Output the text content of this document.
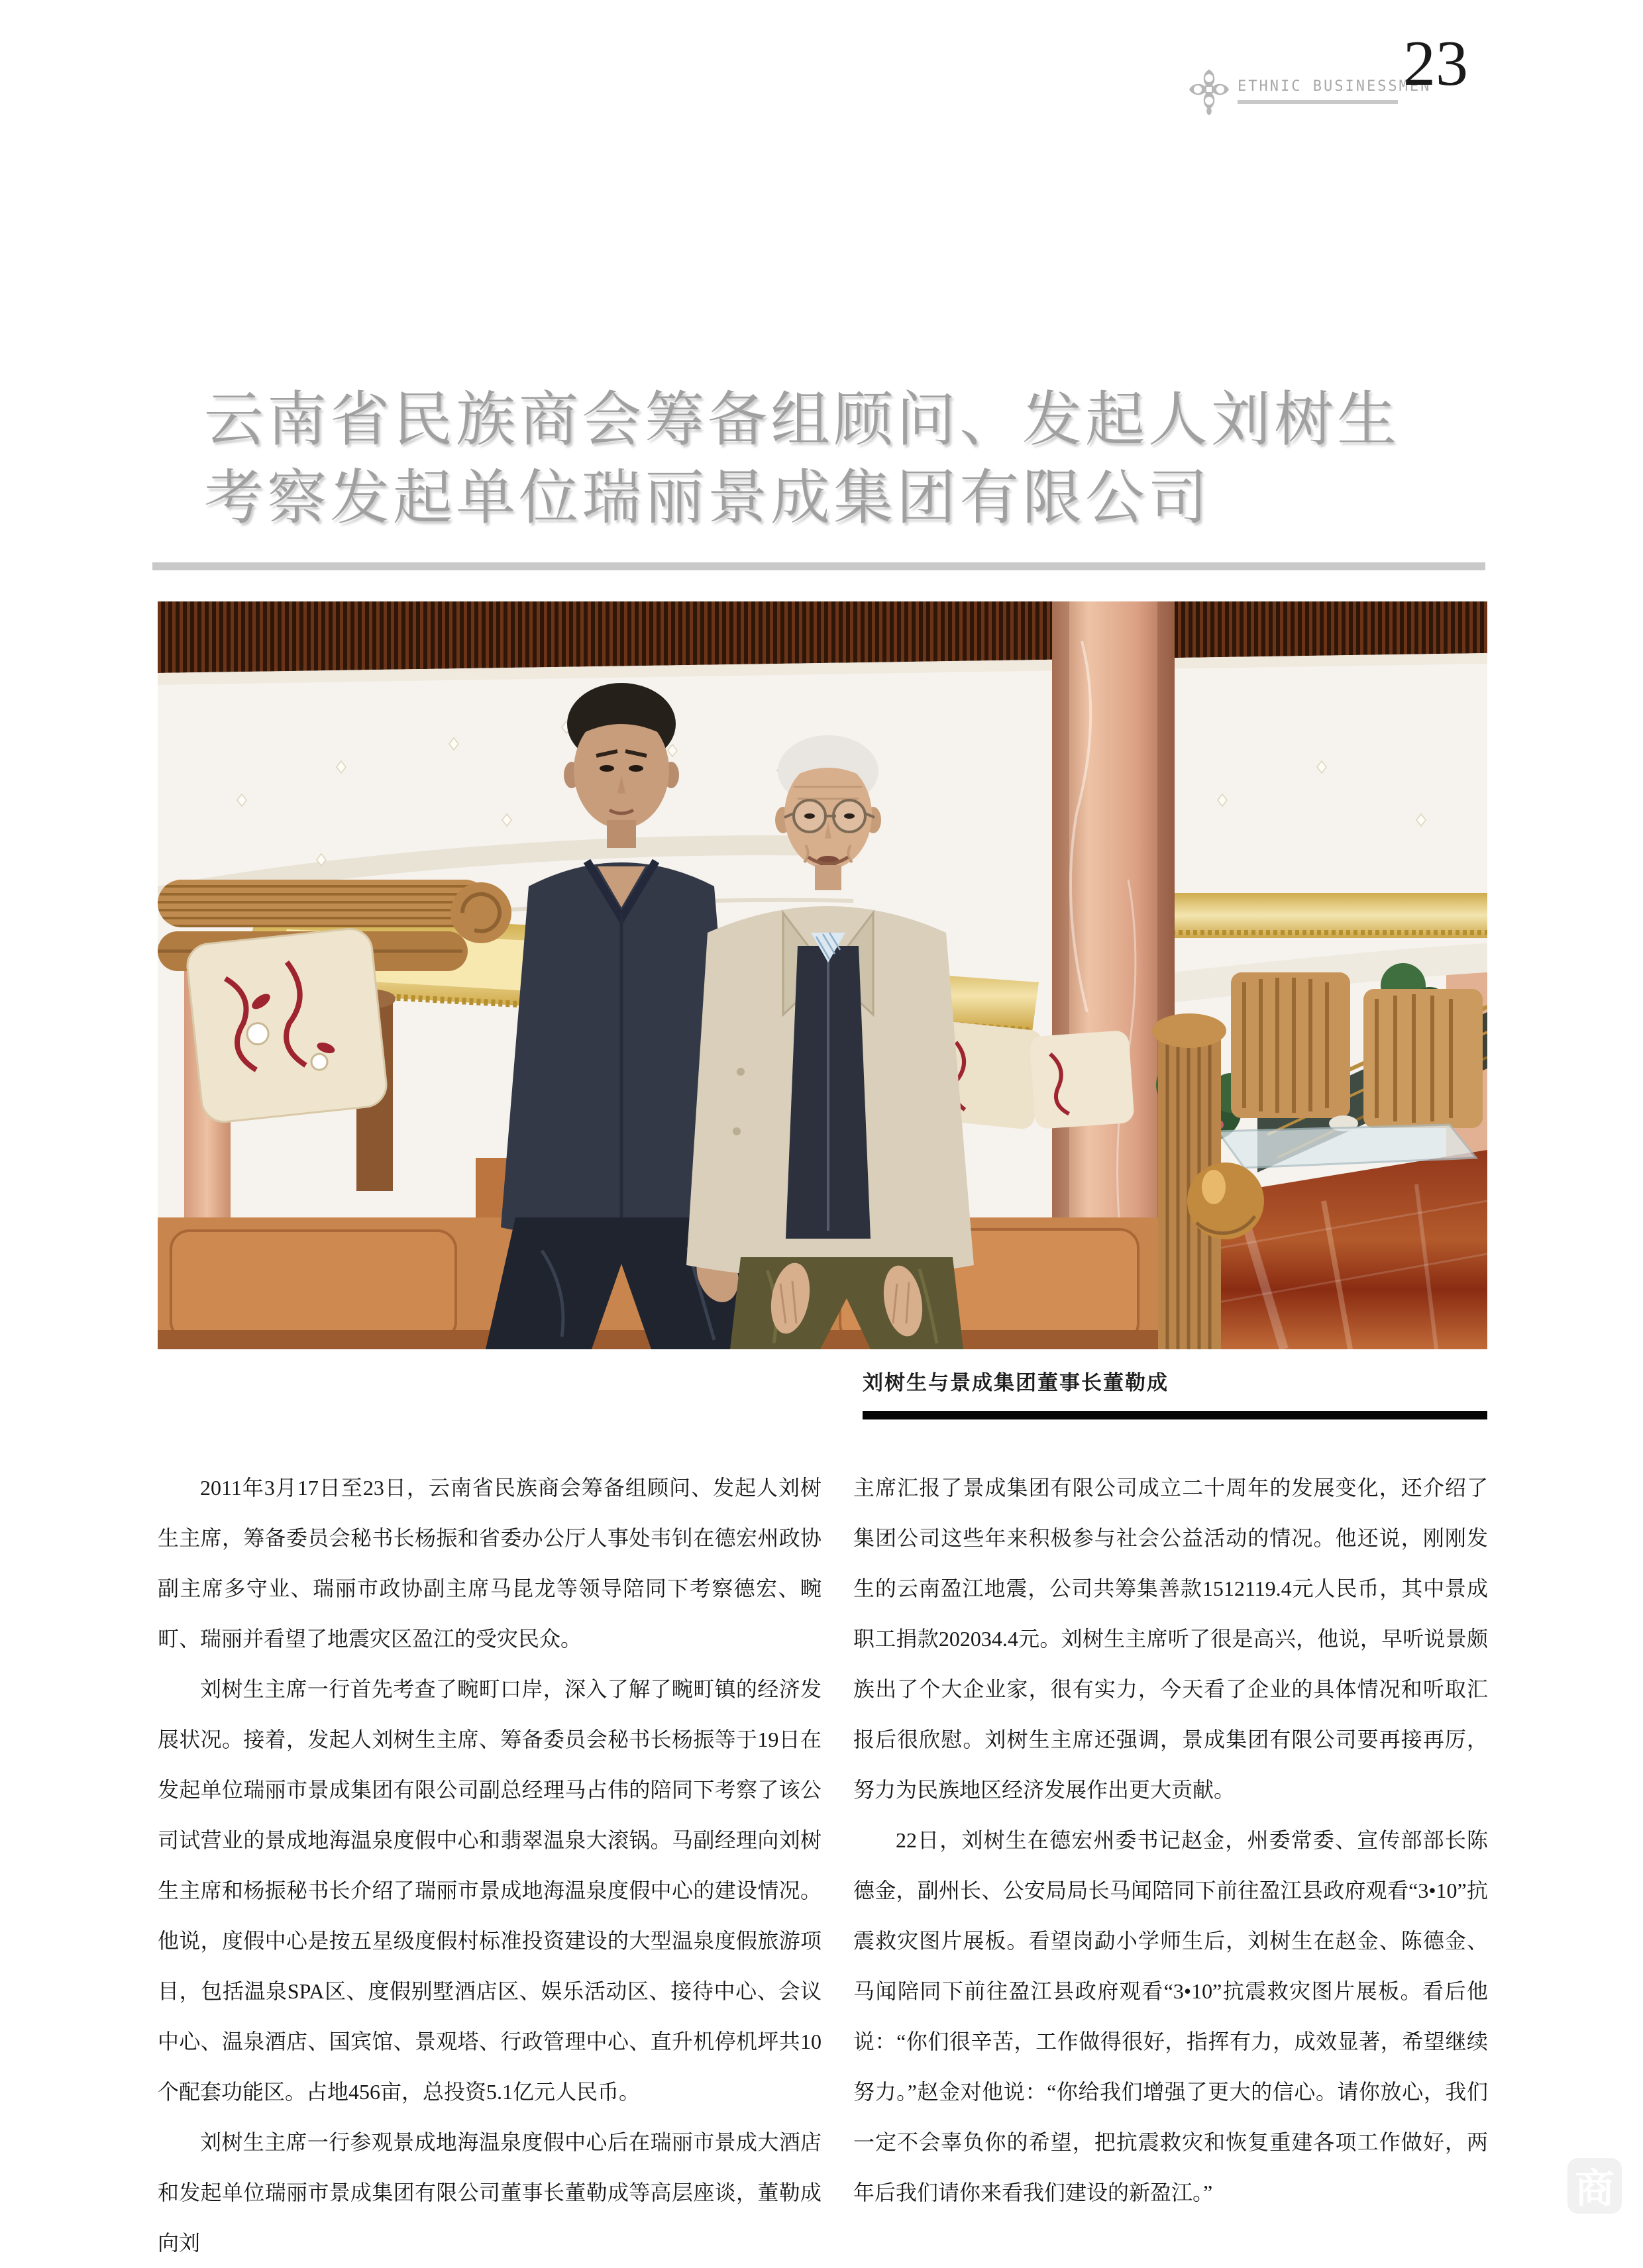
ETHNIC BUSINESSMEN
23
云南省民族商会筹备组顾问、发起人刘树生
考察发起单位瑞丽景成集团有限公司
刘树生与景成集团董事长董勒成

2011年3月17日至23日，云南省民族商会筹备组顾问、发起人刘树生主席，筹备委员会秘书长杨振和省委办公厅人事处韦钊在德宏州政协副主席多守业、瑞丽市政协副主席马昆龙等领导陪同下考察德宏、畹町、瑞丽并看望了地震灾区盈江的受灾民众。

刘树生主席一行首先考查了畹町口岸，深入了解了畹町镇的经济发展状况。接着，发起人刘树生主席、筹备委员会秘书长杨振等于19日在发起单位瑞丽市景成集团有限公司副总经理马占伟的陪同下考察了该公司试营业的景成地海温泉度假中心和翡翠温泉大滚锅。马副经理向刘树生主席和杨振秘书长介绍了瑞丽市景成地海温泉度假中心的建设情况。他说，度假中心是按五星级度假村标准投资建设的大型温泉度假旅游项目，包括温泉SPA区、度假别墅酒店区、娱乐活动区、接待中心、会议中心、温泉酒店、国宾馆、景观塔、行政管理中心、直升机停机坪共10个配套功能区。占地456亩，总投资5.1亿元人民币。

刘树生主席一行参观景成地海温泉度假中心后在瑞丽市景成大酒店和发起单位瑞丽市景成集团有限公司董事长董勒成等高层座谈，董勒成向刘

主席汇报了景成集团有限公司成立二十周年的发展变化，还介绍了集团公司这些年来积极参与社会公益活动的情况。他还说，刚刚发生的云南盈江地震，公司共筹集善款1512119.4元人民币，其中景成职工捐款202034.4元。刘树生主席听了很是高兴，他说，早听说景颇族出了个大企业家，很有实力，今天看了企业的具体情况和听取汇报后很欣慰。刘树生主席还强调，景成集团有限公司要再接再厉，努力为民族地区经济发展作出更大贡献。

22日，刘树生在德宏州委书记赵金，州委常委、宣传部部长陈德金，副州长、公安局局长马闻陪同下前往盈江县政府观看“3•10”抗震救灾图片展板。看望岗勐小学师生后，刘树生在赵金、陈德金、马闻陪同下前往盈江县政府观看“3•10”抗震救灾图片展板。看后他说：“你们很辛苦，工作做得很好，指挥有力，成效显著，希望继续努力。”赵金对他说：“你给我们增强了更大的信心。请你放心，我们一定不会辜负你的希望，把抗震救灾和恢复重建各项工作做好，两年后我们请你来看我们建设的新盈江。”	商
